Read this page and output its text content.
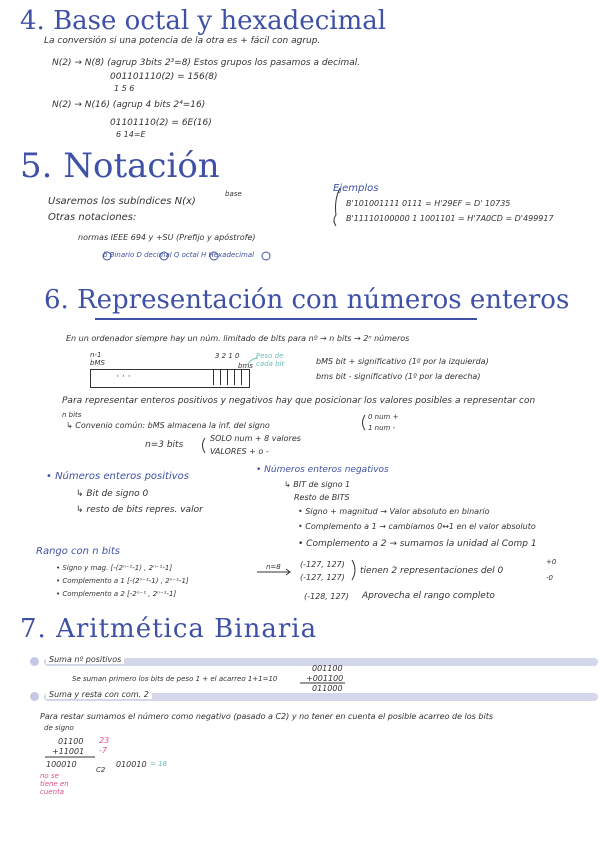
4. Base octal y hexadecimal
La conversión si una potencia de la otra es + fácil con agrup.
N(2) → N(8) (agrup 3bits 2³=8) Estos grupos los pasamos a decimal.
001101110(2) = 156(8)
1 5 6
N(2) → N(16) (agrup 4 bits 2⁴=16)
01101110(2) = 6E(16)
6 14=E
5. Notación
Usaremos los subíndices N(x)
base
Otras notaciones:
normas IEEE 694 y +SU (Prefijo y apóstrofe)
b Binario D decimal Q octal H Hexadecimal
Ejemplos
B'101001111 0111 = H'29EF = D' 10735
B'11110100000 1 1001101 = H'7A0CD = D'499917
6. Representación con números enteros
En un ordenador siempre hay un núm. limitado de bits para nº → n bits → 2ⁿ números
n-1
bMS
3 2 1 0
bms
· · ·
Peso de cada bit	bMS bit + significativo (1º por la izquierda)
bms bit - significativo (1º por la derecha)
Para representar enteros positivos y negativos hay que posicionar los valores posibles a representar con
n bits
↳ Convenio común: bMS almacena la inf. del signo
0 num +
1 num -
n=3 bits
SOLO num + 8 valores
VALORES + o -
• Números enteros positivos
↳ Bit de signo 0
↳ resto de bits repres. valor
• Números enteros negativos
↳ BIT de signo 1
Resto de BITS
• Signo + magnitud → Valor absoluto en binario
• Complemento a 1 → cambiamos 0↔1 en el valor absoluto
• Complemento a 2 → sumamos la unidad al Comp 1
Rango con n bits
• Signo y mag. [-(2ⁿ⁻¹-1) , 2ⁿ⁻¹-1]
• Complemento a 1 [-(2ⁿ⁻¹-1) , 2ⁿ⁻¹-1]
• Complemento a 2 [-2ⁿ⁻¹ , 2ⁿ⁻¹-1]
n=8 (-127, 127)
(-127, 127)
tienen 2 representaciones del 0
+0
-0
(-128, 127) Aprovecha el rango completo
7. Aritmética Binaria
Suma nº positivos
Se suman primero los bits de peso 1 + el acarreo 1+1=10
001100
+001100
011000
Suma y resta con com. 2
Para restar sumamos el número como negativo (pasado a C2) y no tener en cuenta el posible acarreo de los bits
de signo
01100
+11001
100010
23
-7
C2
010010 = 18
no se tiene en cuenta
